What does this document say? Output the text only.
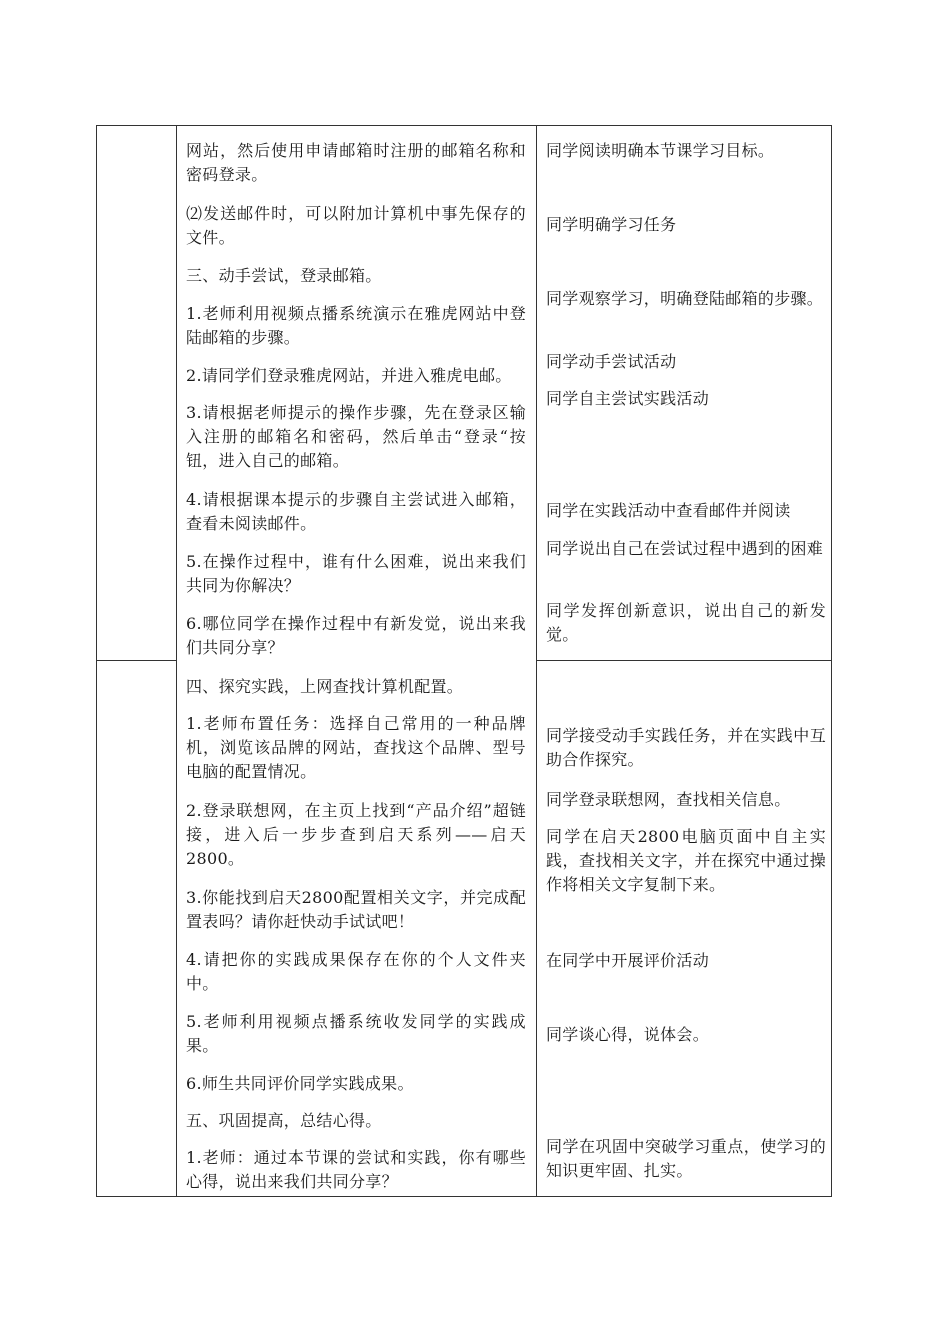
网站，然后使用申请邮箱时注册的邮箱名称和密码登录。
⑵发送邮件时，可以附加计算机中事先保存的文件。
三、动手尝试，登录邮箱。
1.老师利用视频点播系统演示在雅虎网站中登陆邮箱的步骤。
2.请同学们登录雅虎网站，并进入雅虎电邮。
3.请根据老师提示的操作步骤，先在登录区输入注册的邮箱名和密码，然后单击“登录“按钮，进入自己的邮箱。
4.请根据课本提示的步骤自主尝试进入邮箱，查看未阅读邮件。
5.在操作过程中，谁有什么困难，说出来我们共同为你解决？
6.哪位同学在操作过程中有新发觉，说出来我们共同分享？
同学阅读明确本节课学习目标。
同学明确学习任务
同学观察学习，明确登陆邮箱的步骤。
同学动手尝试活动
同学自主尝试实践活动
同学在实践活动中查看邮件并阅读
同学说出自己在尝试过程中遇到的困难
同学发挥创新意识，说出自己的新发觉。
四、探究实践，上网查找计算机配置。
1.老师布置任务：选择自己常用的一种品牌机，浏览该品牌的网站，查找这个品牌、型号电脑的配置情况。
2.登录联想网，在主页上找到“产品介绍”超链接，进入后一步步查到启天系列——启天2800。
3.你能找到启天2800配置相关文字，并完成配置表吗？请你赶快动手试试吧！
4.请把你的实践成果保存在你的个人文件夹中。
5.老师利用视频点播系统收发同学的实践成果。
6.师生共同评价同学实践成果。
五、巩固提高，总结心得。
1.老师：通过本节课的尝试和实践，你有哪些心得，说出来我们共同分享？
同学接受动手实践任务，并在实践中互助合作探究。
同学登录联想网，查找相关信息。
同学在启天2800电脑页面中自主实践，查找相关文字，并在探究中通过操作将相关文字复制下来。
在同学中开展评价活动
同学谈心得，说体会。
同学在巩固中突破学习重点，使学习的知识更牢固、扎实。
